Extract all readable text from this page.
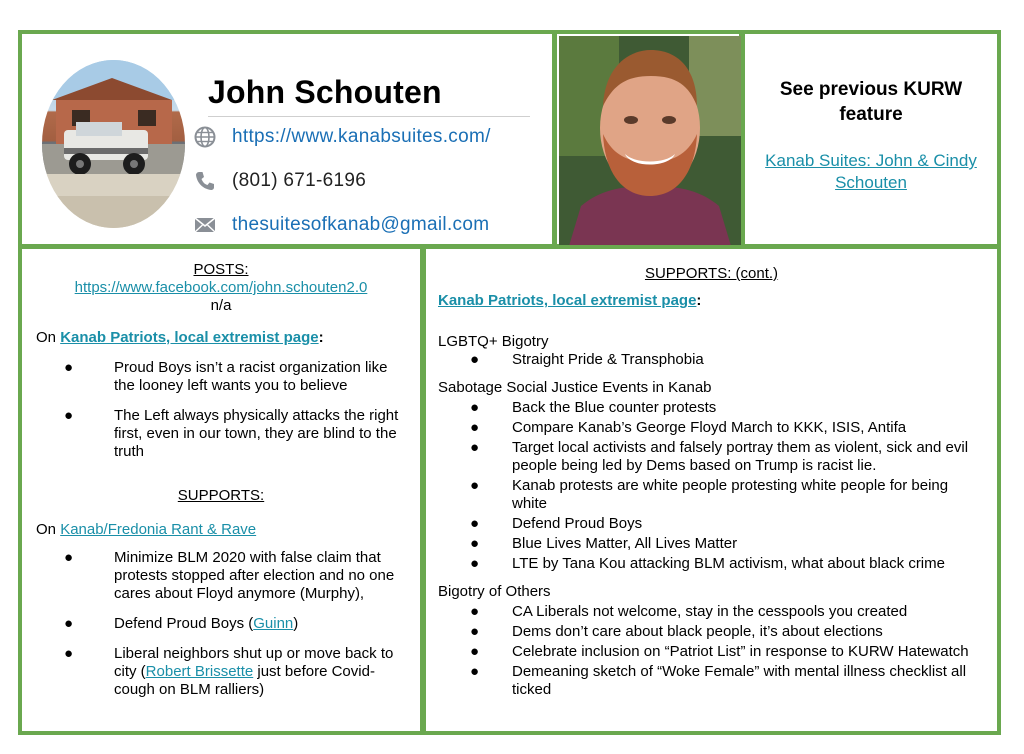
John Schouten
https://www.kanabsuites.com/
(801) 671-6196
thesuitesofkanab@gmail.com
See previous KURW feature
Kanab Suites: John & Cindy Schouten
POSTS:
https://www.facebook.com/john.schouten2.0
n/a
On Kanab Patriots, local extremist page:
●	Proud Boys isn’t a racist organization like the looney left wants you to believe
●	The Left always physically attacks the right first, even in our town, they are blind to the truth
SUPPORTS:
On Kanab/Fredonia Rant & Rave
●	Minimize BLM 2020 with false claim that protests stopped after election and no one cares about Floyd anymore (Murphy),
●	Defend Proud Boys (Guinn)
●	Liberal neighbors shut up or move back to city (Robert Brissette just before Covid-cough on BLM ralliers)
SUPPORTS: (cont.)
Kanab Patriots, local extremist page:
LGBTQ+ Bigotry
● Straight Pride & Transphobia
Sabotage Social Justice Events in Kanab
● Back the Blue counter protests
● Compare Kanab’s George Floyd March to KKK, ISIS, Antifa
● Target local activists and falsely portray them as violent, sick and evil people being led by Dems based on Trump is racist lie.
● Kanab protests are white people protesting white people for being white
● Defend Proud Boys
● Blue Lives Matter, All Lives Matter
● LTE by Tana Kou attacking BLM activism, what about black crime
Bigotry of Others
● CA Liberals not welcome, stay in the cesspools you created
● Dems don’t care about black people, it’s about elections
● Celebrate inclusion on “Patriot List” in response to KURW Hatewatch
● Demeaning sketch of “Woke Female” with mental illness checklist all ticked
